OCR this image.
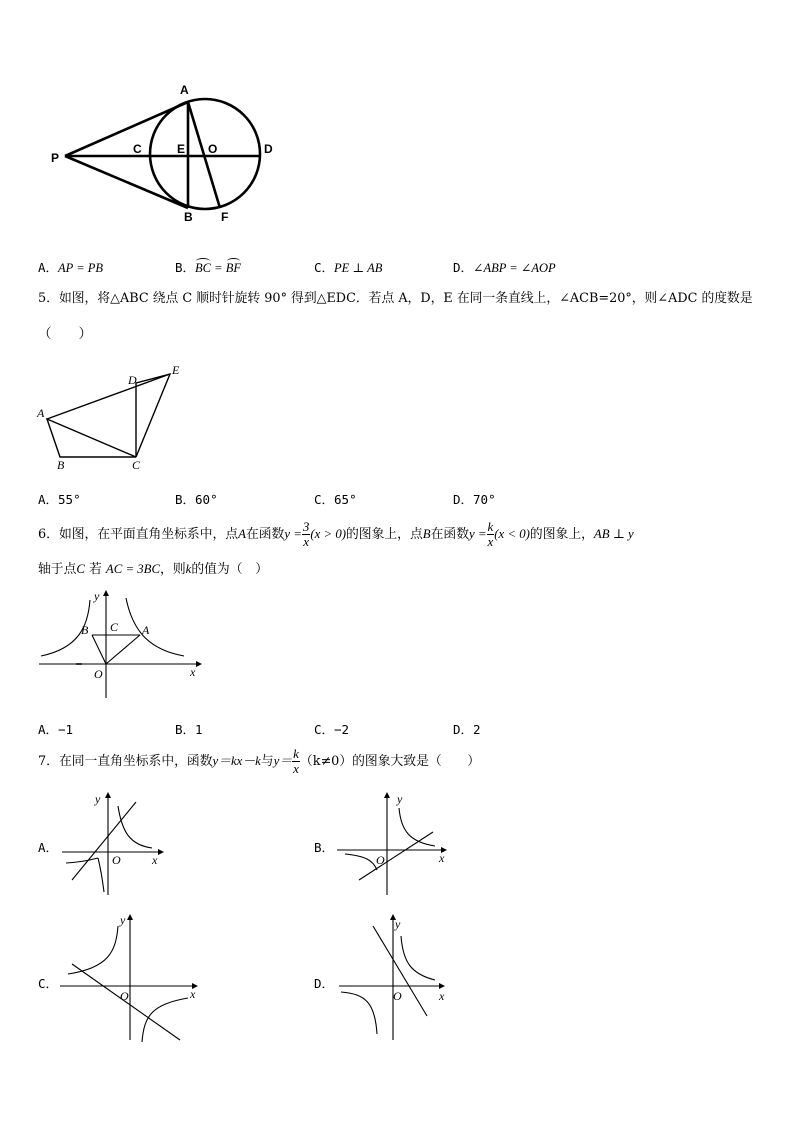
A
P
C	E O	D
B F
A．AP = PB	B．BC = BF	C．PE ⊥ AB	D．∠ABP = ∠AOP
5．如图，将△ABC 绕点 C 顺时针旋转 90° 得到△EDC．若点 A，D，E 在同一条直线上，∠ACB=20°，则∠ADC 的度数是
（　　）
A
B	C
D
E
A．55°	B．60°	C．65°	D．70°
6．如图，在平面直角坐标系中，点A在函数$y = \frac{3}{x} (x > 0)$的图象上，点B在函数$y = \frac{k}{x} (x < 0)$的图象上，AB ⊥ y
轴于点C 若 AC = 3BC，则k的值为（　）
y
x
O
B C A
A．−1	B．1	C．−2	D．2
7．在同一直角坐标系中，函数y＝kx－k与$y= \frac{k}{x} (k\ne 0)$的图象大致是（　　）
A．
y
x
O
B．
y
x
O
C．
y
x
O
D．
y
x
O
